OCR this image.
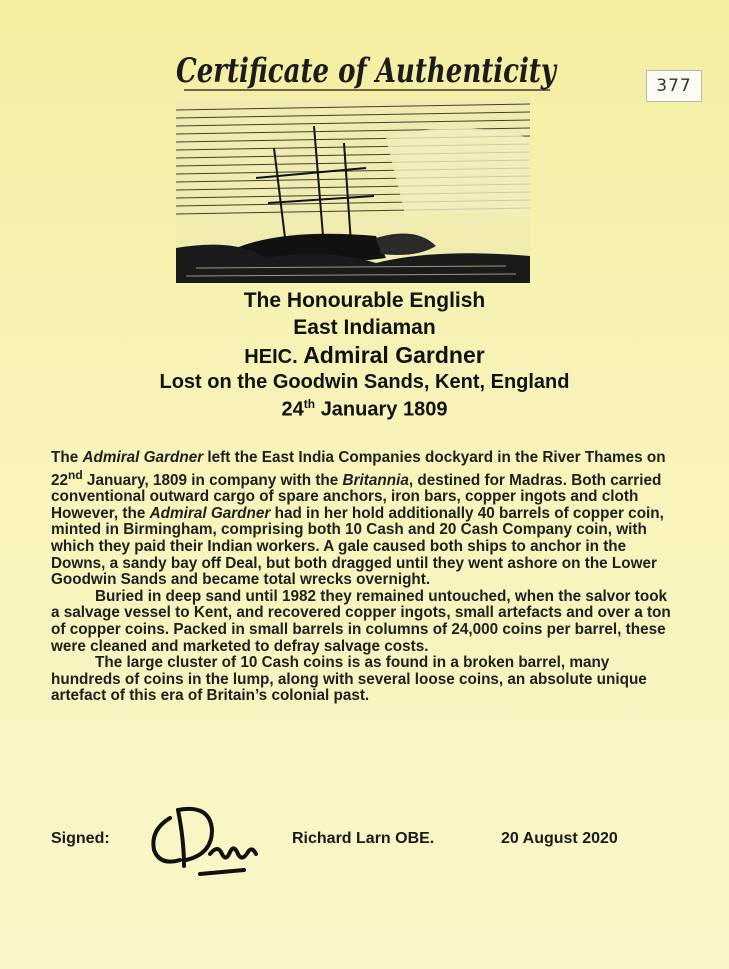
Certificate of Authenticity	377
The Honourable English
East Indiaman
HEIC. Admiral Gardner
Lost on the Goodwin Sands, Kent, England
24th January 1809

The Admiral Gardner left the East India Companies dockyard in the River Thames on 22nd January, 1809 in company with the Britannia, destined for Madras. Both carried conventional outward cargo of spare anchors, iron bars, copper ingots and cloth However, the Admiral Gardner had in her hold additionally 40 barrels of copper coin, minted in Birmingham, comprising both 10 Cash and 20 Cash Company coin, with which they paid their Indian workers. A gale caused both ships to anchor in the Downs, a sandy bay off Deal, but both dragged until they went ashore on the Lower Goodwin Sands and became total wrecks overnight.

Buried in deep sand until 1982 they remained untouched, when the salvor took a salvage vessel to Kent, and recovered copper ingots, small artefacts and over a ton of copper coins. Packed in small barrels in columns of 24,000 coins per barrel, these were cleaned and marketed to defray salvage costs.

The large cluster of 10 Cash coins is as found in a broken barrel, many hundreds of coins in the lump, along with several loose coins, an absolute unique artefact of this era of Britain’s colonial past.

Signed:	Richard Larn OBE.	20 August 2020
